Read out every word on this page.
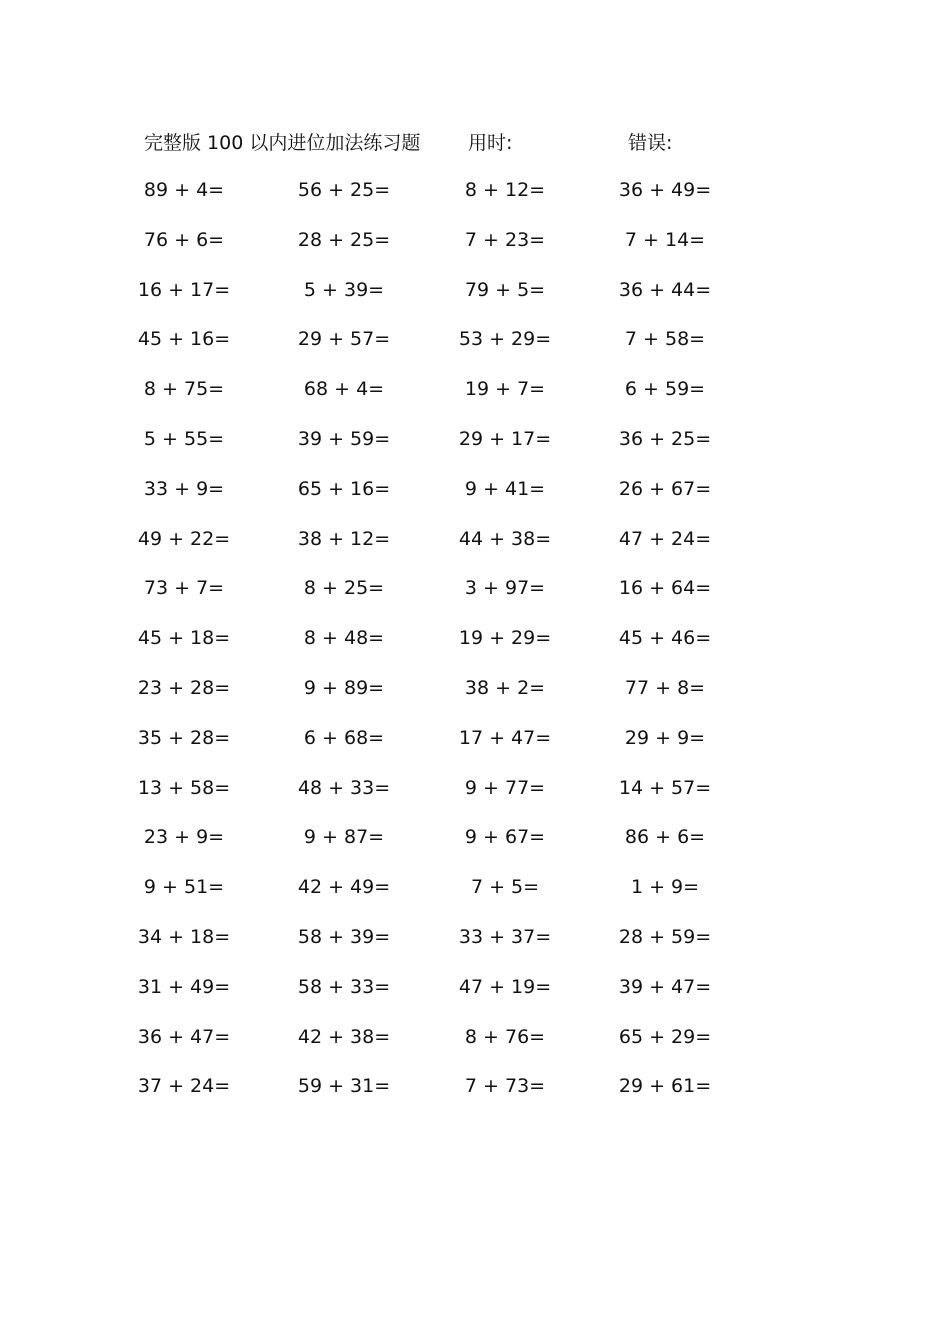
完整版 100 以内进位加法练习题	用时:	错误:
89 + 4=	56 + 25=	8 + 12=	36 + 49=
76 + 6=	28 + 25=	7 + 23=	7 + 14=
16 + 17=	5 + 39=	79 + 5=	36 + 44=
45 + 16=	29 + 57=	53 + 29=	7 + 58=
8 + 75=	68 + 4=	19 + 7=	6 + 59=
5 + 55=	39 + 59=	29 + 17=	36 + 25=
33 + 9=	65 + 16=	9 + 41=	26 + 67=
49 + 22=	38 + 12=	44 + 38=	47 + 24=
73 + 7=	8 + 25=	3 + 97=	16 + 64=
45 + 18=	8 + 48=	19 + 29=	45 + 46=
23 + 28=	9 + 89=	38 + 2=	77 + 8=
35 + 28=	6 + 68=	17 + 47=	29 + 9=
13 + 58=	48 + 33=	9 + 77=	14 + 57=
23 + 9=	9 + 87=	9 + 67=	86 + 6=
9 + 51=	42 + 49=	7 + 5=	1 + 9=
34 + 18=	58 + 39=	33 + 37=	28 + 59=
31 + 49=	58 + 33=	47 + 19=	39 + 47=
36 + 47=	42 + 38=	8 + 76=	65 + 29=
37 + 24=	59 + 31=	7 + 73=	29 + 61=
